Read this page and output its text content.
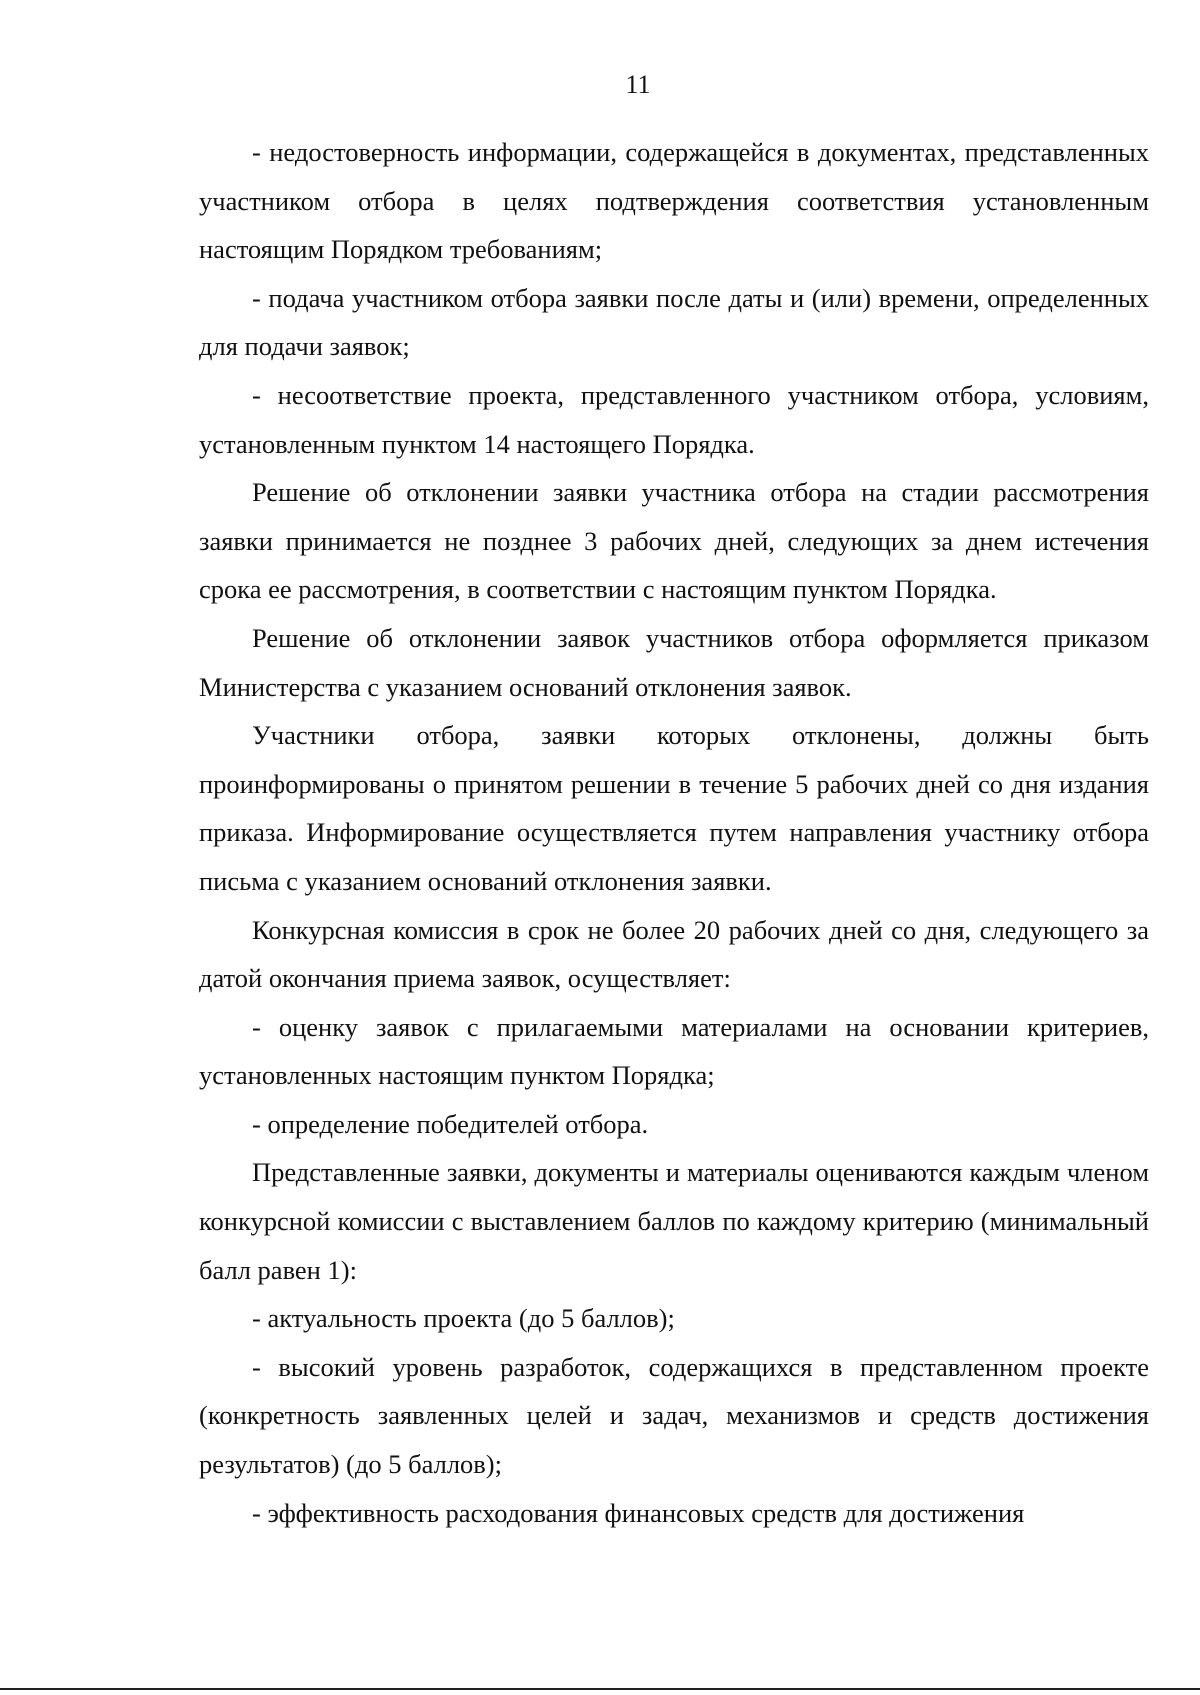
11

- недостоверность информации, содержащейся в документах, представленных участником отбора в целях подтверждения соответствия установленным настоящим Порядком требованиям;

- подача участником отбора заявки после даты и (или) времени, определенных для подачи заявок;

- несоответствие проекта, представленного участником отбора, условиям, установленным пунктом 14 настоящего Порядка.

Решение об отклонении заявки участника отбора на стадии рассмотрения заявки принимается не позднее 3 рабочих дней, следующих за днем истечения срока ее рассмотрения, в соответствии с настоящим пунктом Порядка.

Решение об отклонении заявок участников отбора оформляется приказом Министерства с указанием оснований отклонения заявок.

Участники отбора, заявки которых отклонены, должны быть проинформированы о принятом решении в течение 5 рабочих дней со дня издания приказа. Информирование осуществляется путем направления участнику отбора письма с указанием оснований отклонения заявки.

Конкурсная комиссия в срок не более 20 рабочих дней со дня, следующего за датой окончания приема заявок, осуществляет:

- оценку заявок с прилагаемыми материалами на основании критериев, установленных настоящим пунктом Порядка;

- определение победителей отбора.

Представленные заявки, документы и материалы оцениваются каждым членом конкурсной комиссии с выставлением баллов по каждому критерию (минимальный балл равен 1):

- актуальность проекта (до 5 баллов);

- высокий уровень разработок, содержащихся в представленном проекте (конкретность заявленных целей и задач, механизмов и средств достижения результатов) (до 5 баллов);

- эффективность расходования финансовых средств для достижения
